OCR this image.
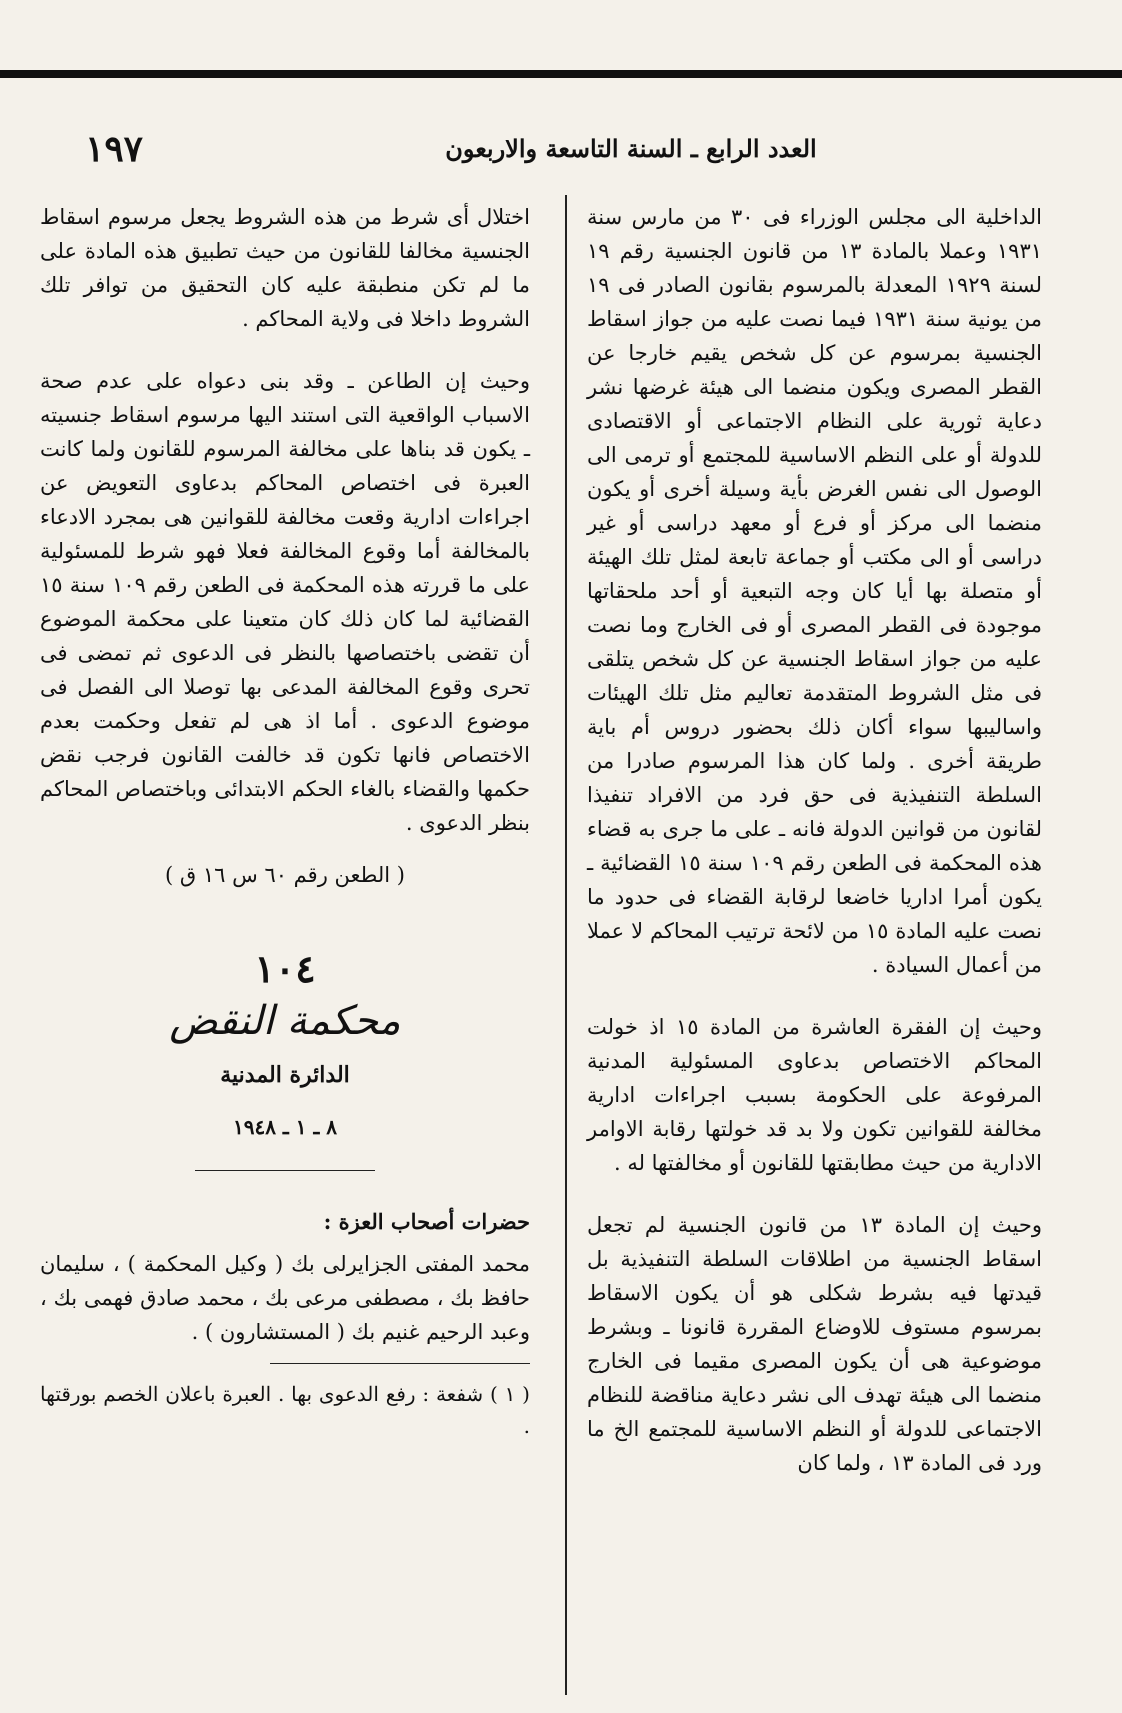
١٩٧	العدد الرابع ـ السنة التاسعة والاربعون

الداخلية الى مجلس الوزراء فى ٣٠ من مارس سنة ١٩٣١ وعملا بالمادة ١٣ من قانون الجنسية رقم ١٩ لسنة ١٩٢٩ المعدلة بالمرسوم بقانون الصادر فى ١٩ من يونية سنة ١٩٣١ فيما نصت عليه من جواز اسقاط الجنسية بمرسوم عن كل شخص يقيم خارجا عن القطر المصرى ويكون منضما الى هيئة غرضها نشر دعاية ثورية على النظام الاجتماعى أو الاقتصادى للدولة أو على النظم الاساسية للمجتمع أو ترمى الى الوصول الى نفس الغرض بأية وسيلة أخرى أو يكون منضما الى مركز أو فرع أو معهد دراسى أو غير دراسى أو الى مكتب أو جماعة تابعة لمثل تلك الهيئة أو متصلة بها أيا كان وجه التبعية أو أحد ملحقاتها موجودة فى القطر المصرى أو فى الخارج وما نصت عليه من جواز اسقاط الجنسية عن كل شخص يتلقى فى مثل الشروط المتقدمة تعاليم مثل تلك الهيئات واساليبها سواء أكان ذلك بحضور دروس أم باية طريقة أخرى . ولما كان هذا المرسوم صادرا من السلطة التنفيذية فى حق فرد من الافراد تنفيذا لقانون من قوانين الدولة فانه ـ على ما جرى به قضاء هذه المحكمة فى الطعن رقم ١٠٩ سنة ١٥ القضائية ـ يكون أمرا اداريا خاضعا لرقابة القضاء فى حدود ما نصت عليه المادة ١٥ من لائحة ترتيب المحاكم لا عملا من أعمال السيادة .

وحيث إن الفقرة العاشرة من المادة ١٥ اذ خولت المحاكم الاختصاص بدعاوى المسئولية المدنية المرفوعة على الحكومة بسبب اجراءات ادارية مخالفة للقوانين تكون ولا بد قد خولتها رقابة الاوامر الادارية من حيث مطابقتها للقانون أو مخالفتها له .

وحيث إن المادة ١٣ من قانون الجنسية لم تجعل اسقاط الجنسية من اطلاقات السلطة التنفيذية بل قيدتها فيه بشرط شكلى هو أن يكون الاسقاط بمرسوم مستوف للاوضاع المقررة قانونا ـ وبشرط موضوعية هى أن يكون المصرى مقيما فى الخارج منضما الى هيئة تهدف الى نشر دعاية مناقضة للنظام الاجتماعى للدولة أو النظم الاساسية للمجتمع الخ ما ورد فى المادة ١٣ ، ولما كان

اختلال أى شرط من هذه الشروط يجعل مرسوم اسقاط الجنسية مخالفا للقانون من حيث تطبيق هذه المادة على ما لم تكن منطبقة عليه كان التحقيق من توافر تلك الشروط داخلا فى ولاية المحاكم .

وحيث إن الطاعن ـ وقد بنى دعواه على عدم صحة الاسباب الواقعية التى استند اليها مرسوم اسقاط جنسيته ـ يكون قد بناها على مخالفة المرسوم للقانون ولما كانت العبرة فى اختصاص المحاكم بدعاوى التعويض عن اجراءات ادارية وقعت مخالفة للقوانين هى بمجرد الادعاء بالمخالفة أما وقوع المخالفة فعلا فهو شرط للمسئولية على ما قررته هذه المحكمة فى الطعن رقم ١٠٩ سنة ١٥ القضائية لما كان ذلك كان متعينا على محكمة الموضوع أن تقضى باختصاصها بالنظر فى الدعوى ثم تمضى فى تحرى وقوع المخالفة المدعى بها توصلا الى الفصل فى موضوع الدعوى . أما اذ هى لم تفعل وحكمت بعدم الاختصاص فانها تكون قد خالفت القانون فرجب نقض حكمها والقضاء بالغاء الحكم الابتدائى وباختصاص المحاكم بنظر الدعوى .

( الطعن رقم ٦٠ س ١٦ ق )
١٠٤
محكمة النقض
الدائرة المدنية
٨ ـ ١ ـ ١٩٤٨
حضرات أصحاب العزة :
محمد المفتى الجزايرلى بك ( وكيل المحكمة ) ، سليمان حافظ بك ، مصطفى مرعى بك ، محمد صادق فهمى بك ، وعبد الرحيم غنيم بك ( المستشارون ) .
( ١ ) شفعة : رفع الدعوى بها . العبرة باعلان الخصم بورقتها .
